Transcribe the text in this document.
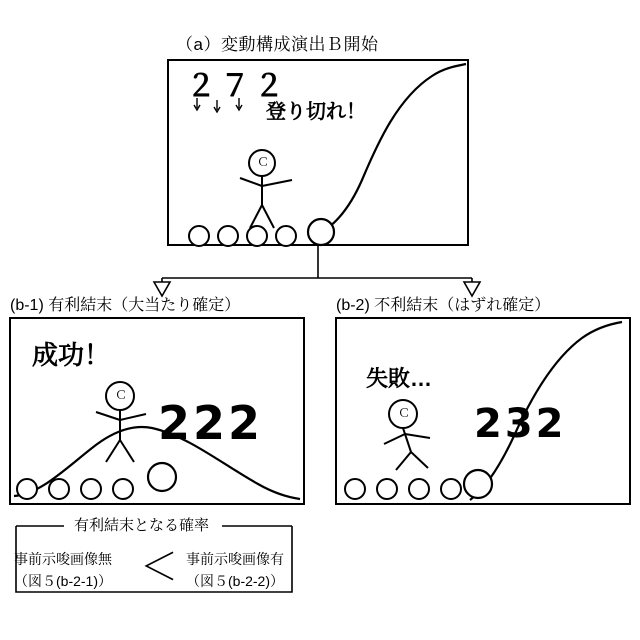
（a）変動構成演出Ｂ開始
２７２
登り切れ！
(b-1) 有利結末（大当たり確定）
成功！
222
(b-2) 不利結末（はずれ確定）
失敗…
232
有利結末となる確率
事前示唆画像無
（図５(b-2-1)） ＜ 事前示唆画像有
（図５(b-2-2)）
Ｃ
Ｃ
Ｃ
